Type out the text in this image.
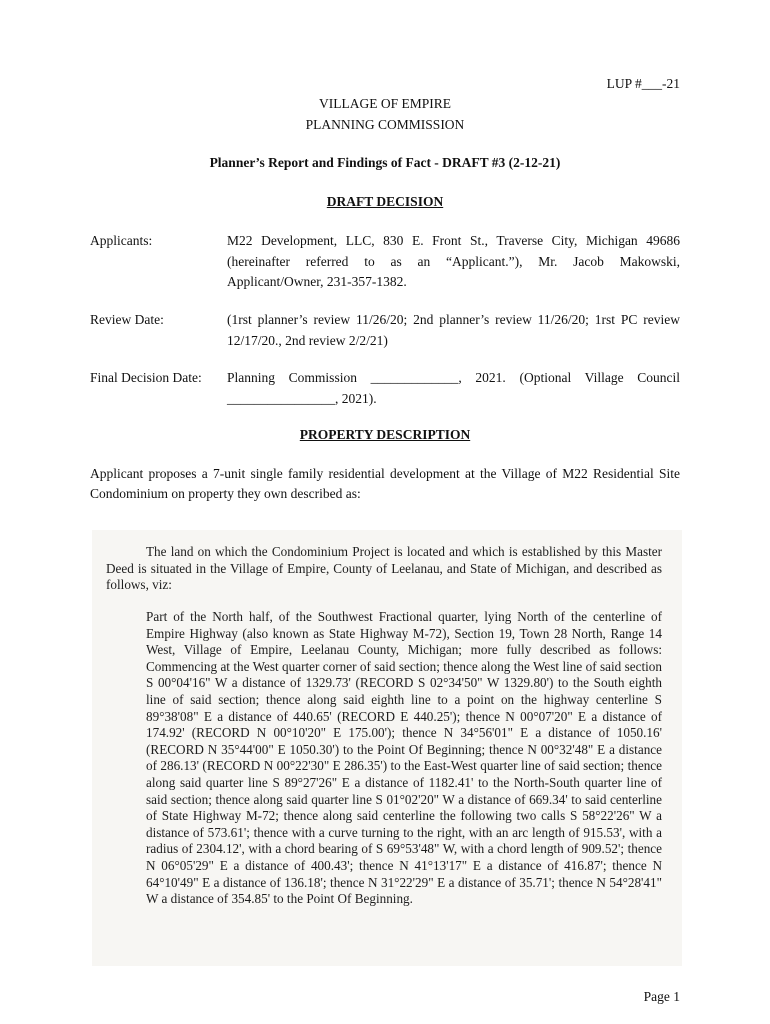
LUP #___-21
VILLAGE OF EMPIRE
PLANNING COMMISSION
Planner’s Report and Findings of Fact - DRAFT #3 (2-12-21)
DRAFT DECISION
Applicants:	M22 Development, LLC, 830 E. Front St., Traverse City, Michigan 49686 (hereinafter referred to as an “Applicant.”), Mr. Jacob Makowski, Applicant/Owner, 231-357-1382.
Review Date:	(1rst planner’s review 11/26/20; 2nd planner’s review 11/26/20; 1rst PC review 12/17/20., 2nd review 2/2/21)
Final Decision Date:	Planning Commission _____________, 2021. (Optional Village Council ________________, 2021).
PROPERTY DESCRIPTION
Applicant proposes a 7-unit single family residential development at the Village of M22 Residential Site Condominium on property they own described as:
The land on which the Condominium Project is located and which is established by this Master Deed is situated in the Village of Empire, County of Leelanau, and State of Michigan, and described as follows, viz:
Part of the North half, of the Southwest Fractional quarter, lying North of the centerline of Empire Highway (also known as State Highway M-72), Section 19, Town 28 North, Range 14 West, Village of Empire, Leelanau County, Michigan; more fully described as follows: Commencing at the West quarter corner of said section; thence along the West line of said section S 00°04'16" W a distance of 1329.73' (RECORD S 02°34'50" W 1329.80') to the South eighth line of said section; thence along said eighth line to a point on the highway centerline S 89°38'08" E a distance of 440.65' (RECORD E 440.25'); thence N 00°07'20" E a distance of 174.92' (RECORD N 00°10'20" E 175.00'); thence N 34°56'01" E a distance of 1050.16' (RECORD N 35°44'00" E 1050.30') to the Point Of Beginning; thence N 00°32'48" E a distance of 286.13' (RECORD N 00°22'30" E 286.35') to the East-West quarter line of said section; thence along said quarter line S 89°27'26" E a distance of 1182.41' to the North-South quarter line of said section; thence along said quarter line S 01°02'20" W a distance of 669.34' to said centerline of State Highway M-72; thence along said centerline the following two calls S 58°22'26" W a distance of 573.61'; thence with a curve turning to the right, with an arc length of 915.53', with a radius of 2304.12', with a chord bearing of S 69°53'48" W, with a chord length of 909.52'; thence N 06°05'29" E a distance of 400.43'; thence N 41°13'17" E a distance of 416.87'; thence N 64°10'49" E a distance of 136.18'; thence N 31°22'29" E a distance of 35.71'; thence N 54°28'41" W a distance of 354.85' to the Point Of Beginning.
Page 1
